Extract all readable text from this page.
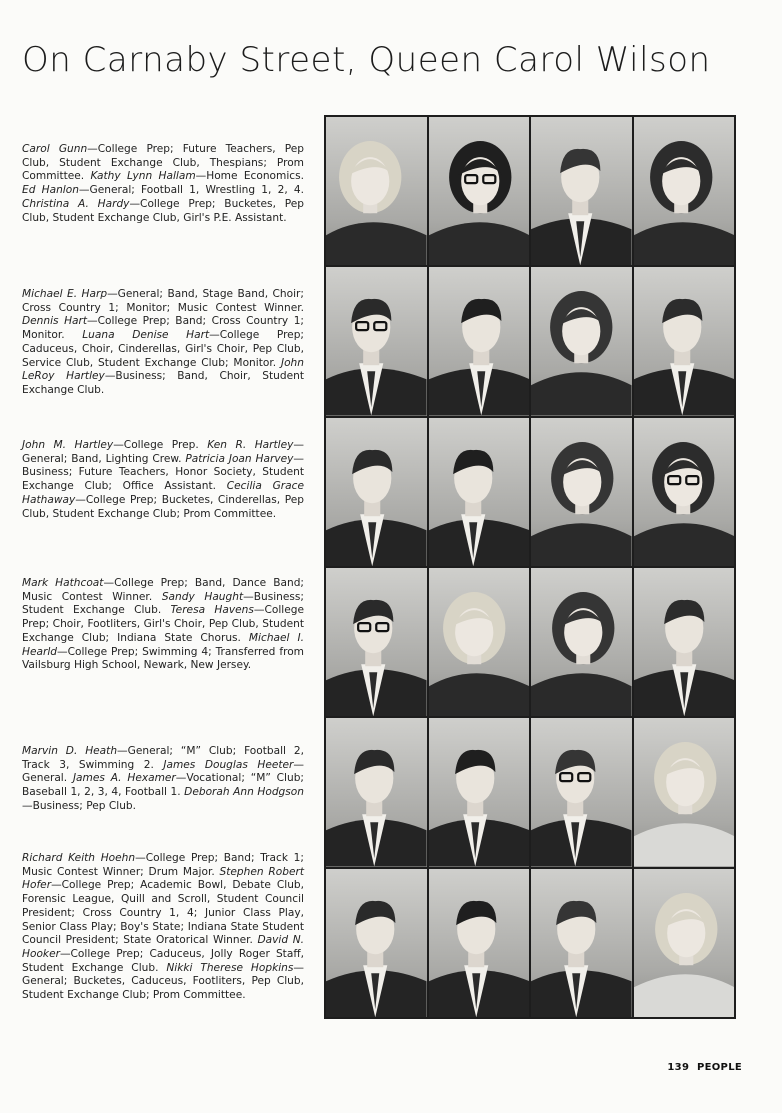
On Carnaby Street, Queen Carol Wilson

Carol Gunn—College Prep; Future Teachers, Pep Club, Student Exchange Club, Thespians; Prom Committee. Kathy Lynn Hallam—Home Economics. Ed Hanlon—General; Football 1, Wrestling 1, 2, 4. Christina A. Hardy—College Prep; Bucketes, Pep Club, Student Exchange Club, Girl's P.E. Assistant.

Michael E. Harp—General; Band, Stage Band, Choir; Cross Country 1; Monitor; Music Contest Winner. Dennis Hart—College Prep; Band; Cross Country 1; Monitor. Luana Denise Hart—College Prep; Caduceus, Choir, Cinderellas, Girl's Choir, Pep Club, Service Club, Student Exchange Club; Monitor. John LeRoy Hartley—Business; Band, Choir, Student Exchange Club.

John M. Hartley—College Prep. Ken R. Hartley—General; Band, Lighting Crew. Patricia Joan Harvey—Business; Future Teachers, Honor Society, Student Exchange Club; Office Assistant. Cecilia Grace Hathaway—College Prep; Bucketes, Cinderellas, Pep Club, Student Exchange Club; Prom Committee.

Mark Hathcoat—College Prep; Band, Dance Band; Music Contest Winner. Sandy Haught—Business; Student Exchange Club. Teresa Havens—College Prep; Choir, Footliters, Girl's Choir, Pep Club, Student Exchange Club; Indiana State Chorus. Michael I. Hearld—College Prep; Swimming 4; Transferred from Vailsburg High School, Newark, New Jersey.

Marvin D. Heath—General; “M” Club; Football 2, Track 3, Swimming 2. James Douglas Heeter—General. James A. Hexamer—Vocational; “M” Club; Baseball 1, 2, 3, 4, Football 1. Deborah Ann Hodgson—Business; Pep Club.

Richard Keith Hoehn—College Prep; Band; Track 1; Music Contest Winner; Drum Major. Stephen Robert Hofer—College Prep; Academic Bowl, Debate Club, Forensic League, Quill and Scroll, Student Council President; Cross Country 1, 4; Junior Class Play, Senior Class Play; Boy's State; Indiana State Student Council President; State Oratorical Winner. David N. Hooker—College Prep; Caduceus, Jolly Roger Staff, Student Exchange Club. Nikki Therese Hopkins—General; Bucketes, Caduceus, Footliters, Pep Club, Student Exchange Club; Prom Committee.

139 PEOPLE
